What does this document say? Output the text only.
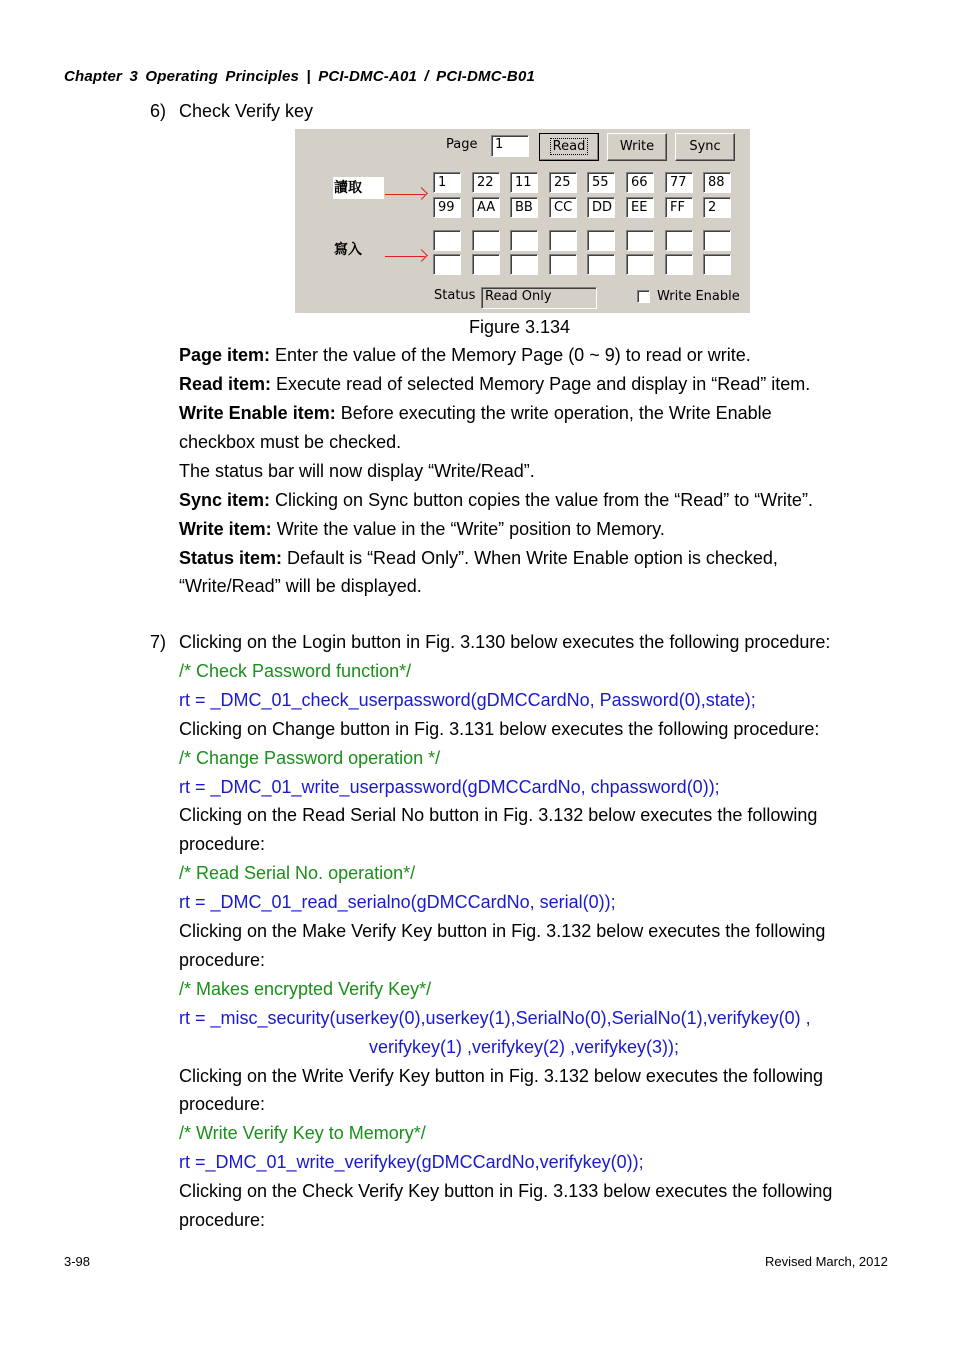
Chapter 3 Operating Principles | PCI-DMC-A01 / PCI-DMC-B01
6) Check Verify key
Page	1	Read	Write	Sync
讀取
寫入
1	22	11	25	55	66	77	88
99	AA	BB	CC	DD	EE	FF	2
Status Read Only	Write Enable
Figure 3.134
Page item: Enter the value of the Memory Page (0 ~ 9) to read or write.
Read item: Execute read of selected Memory Page and display in “Read” item.
Write Enable item: Before executing the write operation, the Write Enable
checkbox must be checked.
The status bar will now display “Write/Read”.
Sync item: Clicking on Sync button copies the value from the “Read” to “Write”.
Write item: Write the value in the “Write” position to Memory.
Status item: Default is “Read Only”. When Write Enable option is checked,
“Write/Read” will be displayed.
7) Clicking on the Login button in Fig. 3.130 below executes the following procedure:
/* Check Password function*/
rt = _DMC_01_check_userpassword(gDMCCardNo, Password(0),state);
Clicking on Change button in Fig. 3.131 below executes the following procedure:
/* Change Password operation */
rt = _DMC_01_write_userpassword(gDMCCardNo, chpassword(0));
Clicking on the Read Serial No button in Fig. 3.132 below executes the following
procedure:
/* Read Serial No. operation*/
rt = _DMC_01_read_serialno(gDMCCardNo, serial(0));
Clicking on the Make Verify Key button in Fig. 3.132 below executes the following
procedure:
/* Makes encrypted Verify Key*/
rt = _misc_security(userkey(0),userkey(1),SerialNo(0),SerialNo(1),verifykey(0) ,
verifykey(1) ,verifykey(2) ,verifykey(3));
Clicking on the Write Verify Key button in Fig. 3.132 below executes the following
procedure:
/* Write Verify Key to Memory*/
rt =_DMC_01_write_verifykey(gDMCCardNo,verifykey(0));
Clicking on the Check Verify Key button in Fig. 3.133 below executes the following
procedure:
3-98	Revised March, 2012
